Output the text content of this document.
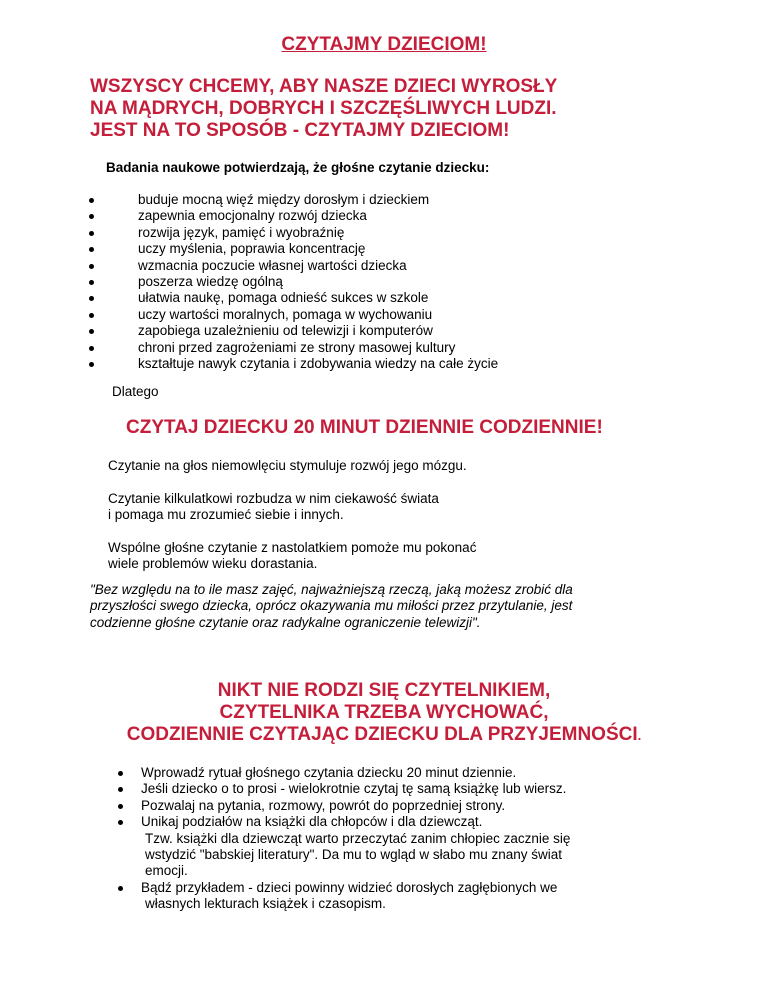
CZYTAJMY DZIECIOM!
WSZYSCY CHCEMY, ABY NASZE DZIECI WYROSŁY
NA MĄDRYCH, DOBRYCH I SZCZĘŚLIWYCH LUDZI.
JEST NA TO SPOSÓB - CZYTAJMY DZIECIOM!
Badania naukowe potwierdzają, że głośne czytanie dziecku:
buduje mocną więź między dorosłym i dzieckiem
zapewnia emocjonalny rozwój dziecka
rozwija język, pamięć i wyobraźnię
uczy myślenia, poprawia koncentrację
wzmacnia poczucie własnej wartości dziecka
poszerza wiedzę ogólną
ułatwia naukę, pomaga odnieść sukces w szkole
uczy wartości moralnych, pomaga w wychowaniu
zapobiega uzależnieniu od telewizji i komputerów
chroni przed zagrożeniami ze strony masowej kultury
kształtuje nawyk czytania i zdobywania wiedzy na całe życie
Dlatego
CZYTAJ DZIECKU 20 MINUT DZIENNIE CODZIENNIE!
Czytanie na głos niemowlęciu stymuluje rozwój jego mózgu.
Czytanie kilkulatkowi rozbudza w nim ciekawość świata
i pomaga mu zrozumieć siebie i innych.
Wspólne głośne czytanie z nastolatkiem pomoże mu pokonać
wiele problemów wieku dorastania.
"Bez względu na to ile masz zajęć, najważniejszą rzeczą, jaką możesz zrobić dla
przyszłości swego dziecka, oprócz okazywania mu miłości przez przytulanie, jest
codzienne głośne czytanie oraz radykalne ograniczenie telewizji".
NIKT NIE RODZI SIĘ CZYTELNIKIEM,
CZYTELNIKA TRZEBA WYCHOWAĆ,
CODZIENNIE CZYTAJĄC DZIECKU DLA PRZYJEMNOŚCI.
Wprowadź rytuał głośnego czytania dziecku 20 minut dziennie.
Jeśli dziecko o to prosi - wielokrotnie czytaj tę samą książkę lub wiersz.
Pozwalaj na pytania, rozmowy, powrót do poprzedniej strony.
Unikaj podziałów na książki dla chłopców i dla dziewcząt.
Tzw. książki dla dziewcząt warto przeczytać zanim chłopiec zacznie się
wstydzić "babskiej literatury". Da mu to wgląd w słabo mu znany świat
emocji.
Bądź przykładem - dzieci powinny widzieć dorosłych zagłębionych we
własnych lekturach książek i czasopism.
